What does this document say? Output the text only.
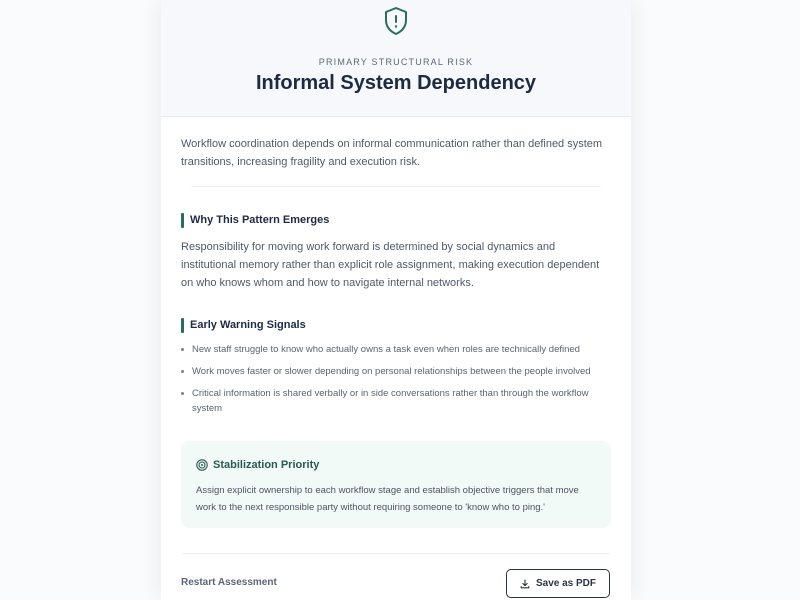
PRIMARY STRUCTURAL RISK
Informal System Dependency

Workflow coordination depends on informal communication rather than defined system transitions, increasing fragility and execution risk.

Why This Pattern Emerges

Responsibility for moving work forward is determined by social dynamics and institutional memory rather than explicit role assignment, making execution dependent on who knows whom and how to navigate internal networks.

Early Warning Signals
New staff struggle to know who actually owns a task even when roles are technically defined
Work moves faster or slower depending on personal relationships between the people involved
Critical information is shared verbally or in side conversations rather than through the workflow system
Stabilization Priority

Assign explicit ownership to each workflow stage and establish objective triggers that move work to the next responsible party without requiring someone to 'know who to ping.'

Restart Assessment	Save as PDF
